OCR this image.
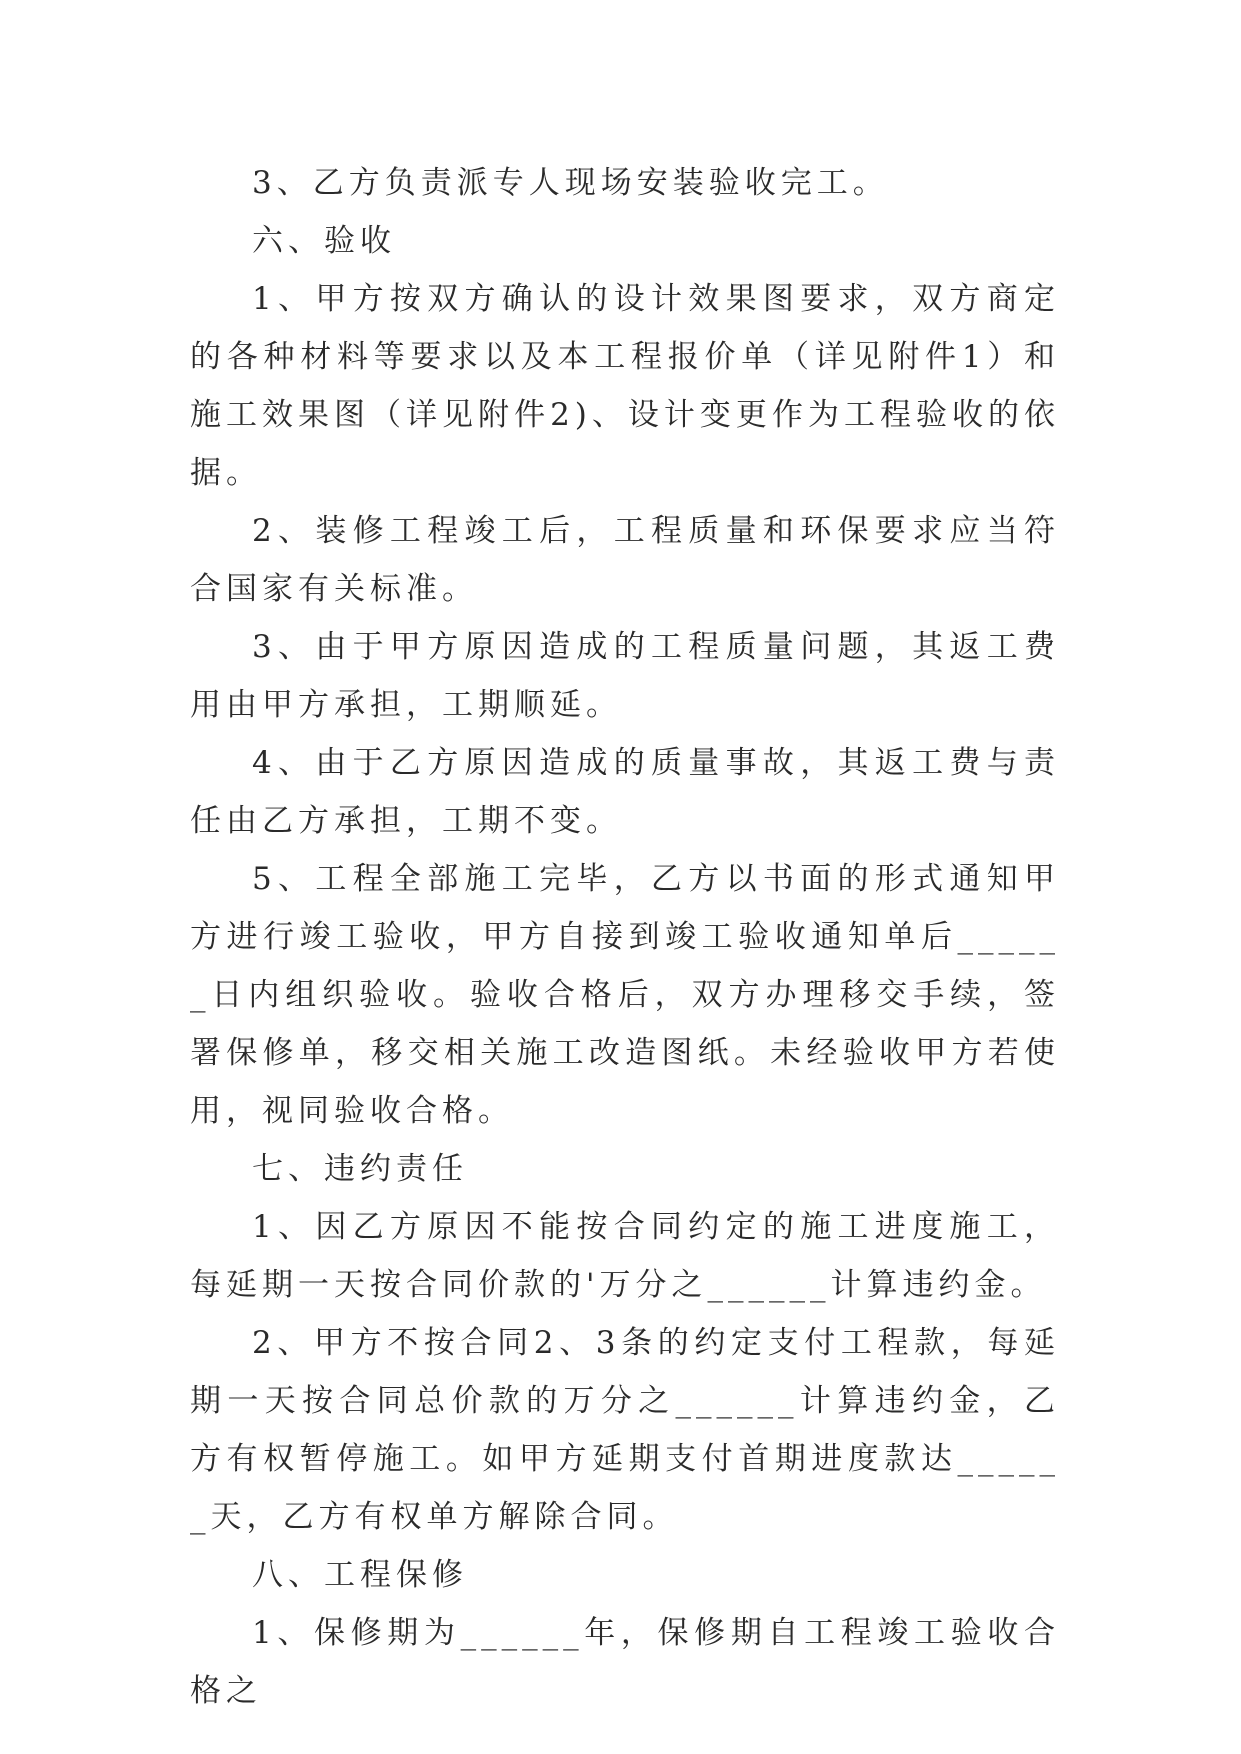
3、乙方负责派专人现场安装验收完工。

六、验收

1、甲方按双方确认的设计效果图要求，双方商定的各种材料等要求以及本工程报价单（详见附件1）和施工效果图（详见附件2)、设计变更作为工程验收的依据。

2、装修工程竣工后，工程质量和环保要求应当符合国家有关标准。

3、由于甲方原因造成的工程质量问题，其返工费用由甲方承担，工期顺延。

4、由于乙方原因造成的质量事故，其返工费与责任由乙方承担，工期不变。

5、工程全部施工完毕，乙方以书面的形式通知甲方进行竣工验收，甲方自接到竣工验收通知单后______日内组织验收。验收合格后，双方办理移交手续，签署保修单，移交相关施工改造图纸。未经验收甲方若使用，视同验收合格。

七、违约责任

1、因乙方原因不能按合同约定的施工进度施工，每延期一天按合同价款的'万分之______计算违约金。

2、甲方不按合同2、3条的约定支付工程款，每延期一天按合同总价款的万分之______计算违约金，乙方有权暂停施工。如甲方延期支付首期进度款达______天，乙方有权单方解除合同。

八、工程保修

1、保修期为______年，保修期自工程竣工验收合格之
